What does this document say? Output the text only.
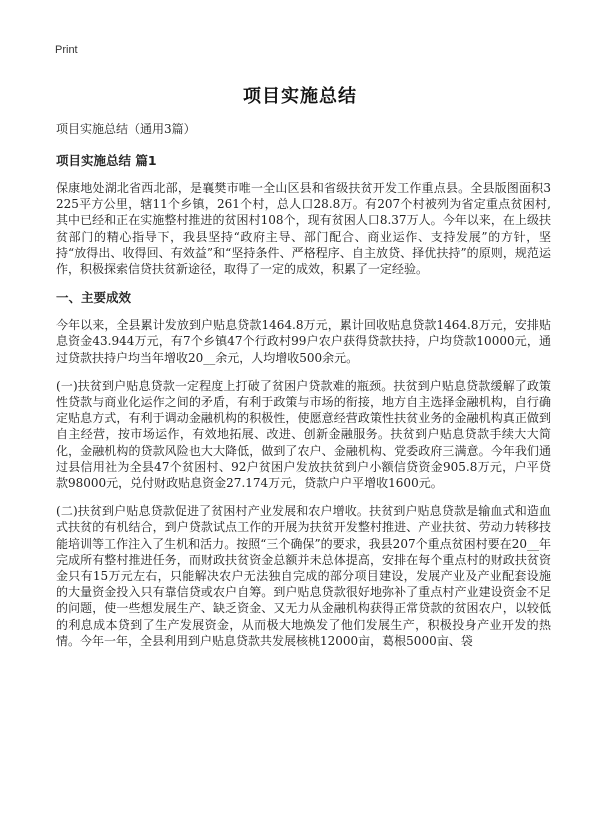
Print
项目实施总结

项目实施总结（通用3篇）

项目实施总结 篇1

保康地处湖北省西北部，是襄樊市唯一全山区县和省级扶贫开发工作重点县。全县版图面积3225平方公里，辖11个乡镇，261个村，总人口28.8万。有207个村被列为省定重点贫困村,其中已经和正在实施整村推进的贫困村108个，现有贫困人口8.37万人。今年以来，在上级扶贫部门的精心指导下，我县坚持“政府主导、部门配合、商业运作、支持发展”的方针，坚持“放得出、收得回、有效益”和“坚持条件、严格程序、自主放贷、择优扶持”的原则，规范运作，积极探索信贷扶贫新途径，取得了一定的成效，积累了一定经验。

一、主要成效

今年以来，全县累计发放到户贴息贷款1464.8万元，累计回收贴息贷款1464.8万元，安排贴息资金43.944万元，有7个乡镇47个行政村99户农户获得贷款扶持，户均贷款10000元，通过贷款扶持户均当年增收20__余元，人均增收500余元。

(一)扶贫到户贴息贷款一定程度上打破了贫困户贷款难的瓶颈。扶贫到户贴息贷款缓解了政策性贷款与商业化运作之间的矛盾，有利于政策与市场的衔接，地方自主选择金融机构，自行确定贴息方式，有利于调动金融机构的积极性，使愿意经营政策性扶贫业务的金融机构真正做到自主经营，按市场运作，有效地拓展、改进、创新金融服务。扶贫到户贴息贷款手续大大简化，金融机构的贷款风险也大大降低，做到了农户、金融机构、党委政府三满意。今年我们通过县信用社为全县47个贫困村、92户贫困户发放扶贫到户小额信贷资金905.8万元，户平贷款98000元，兑付财政贴息资金27.174万元，贷款户户平增收1600元。

(二)扶贫到户贴息贷款促进了贫困村产业发展和农户增收。扶贫到户贴息贷款是输血式和造血式扶贫的有机结合，到户贷款试点工作的开展为扶贫开发整村推进、产业扶贫、劳动力转移技能培训等工作注入了生机和活力。按照“三个确保”的要求，我县207个重点贫困村要在20__年完成所有整村推进任务，而财政扶贫资金总额并未总体提高，安排在每个重点村的财政扶贫资金只有15万元左右，只能解决农户无法独自完成的部分项目建设，发展产业及产业配套设施的大量资金投入只有靠信贷或农户自筹。到户贴息贷款很好地弥补了重点村产业建设资金不足的问题，使一些想发展生产、缺乏资金、又无力从金融机构获得正常贷款的贫困农户，以较低的利息成本贷到了生产发展资金，从而极大地焕发了他们发展生产，积极投身产业开发的热情。今年一年，全县利用到户贴息贷款共发展核桃12000亩，葛根5000亩、袋
